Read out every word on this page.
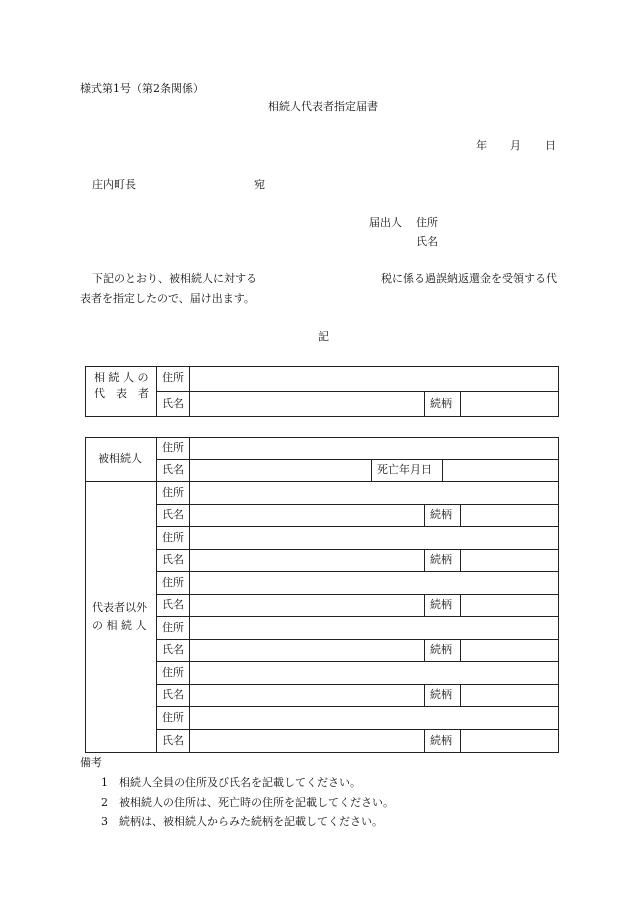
様式第1号（第2条関係）
相続人代表者指定届書
年 月 日
庄内町長	宛
届出人 住所
氏名
下記のとおり、被相続人に対する	税に係る過誤納返還金を受領する代
表者を指定したので、届け出ます。
記
相 続 人 の
代　表　者
住所
氏名	続柄
被相続人
住所
氏名	死亡年月日
代表者以外
の 相 続 人
住所
氏名	続柄
住所
氏名	続柄
住所
氏名	続柄
住所
氏名	続柄
住所
氏名	続柄
住所
氏名	続柄
備考
1 相続人全員の住所及び氏名を記載してください。
2 被相続人の住所は、死亡時の住所を記載してください。
3 続柄は、被相続人からみた続柄を記載してください。
